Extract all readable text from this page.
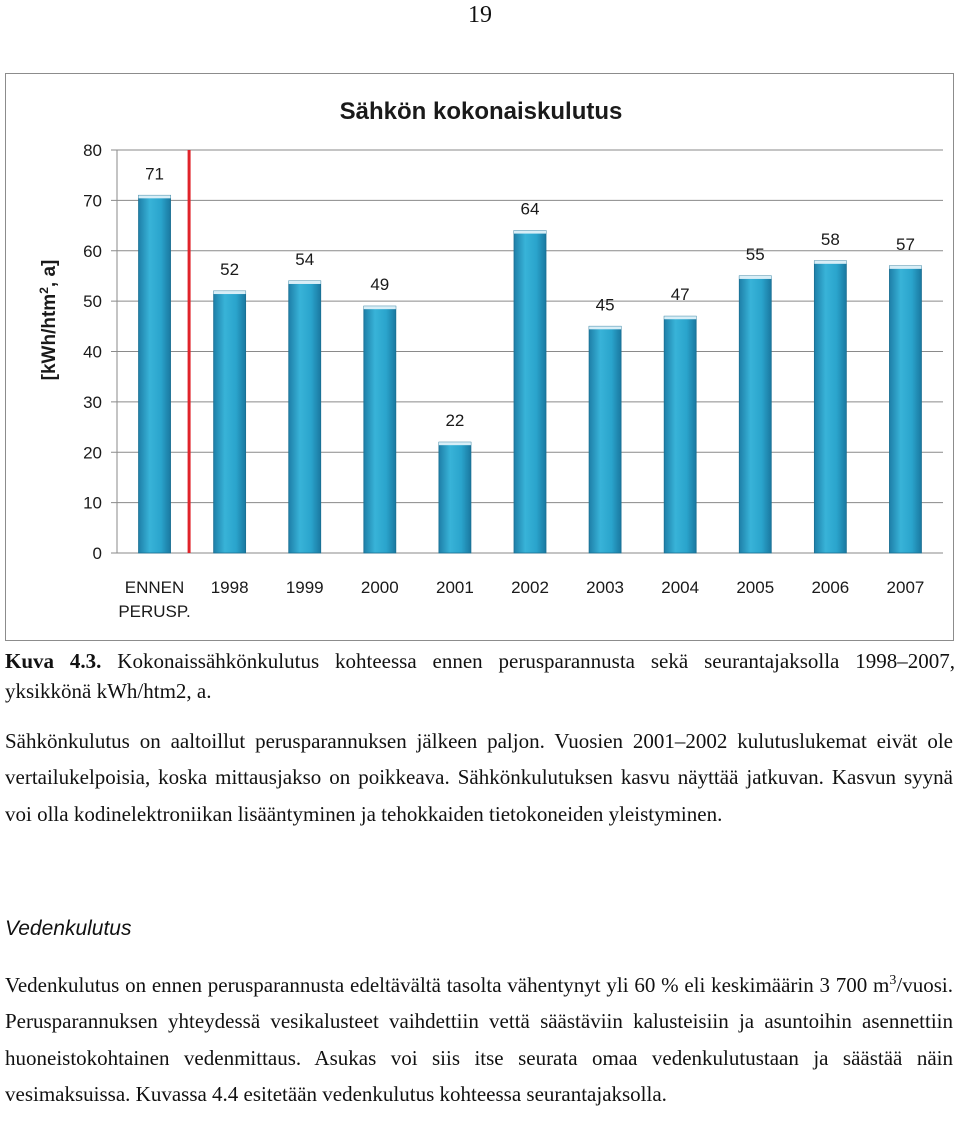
19
0
10
20
30
40
50
60
70
80
ENNEN
PERUSP.
1998 1999 2000 2001 2002 2003 2004 2005 2006 2007
71
52
54
49
22
64
45
47
55
58	57
Sähkön kokonaiskulutus
[kWh/htm$^2$, a]
Kuva 4.3. Kokonaissähkönkulutus kohteessa ennen perusparannusta sekä seurantajaksolla 1998–2007, yksikkönä kWh/htm2, a.

Sähkönkulutus on aaltoillut perusparannuksen jälkeen paljon. Vuosien 2001–2002 kulutuslukemat eivät ole vertailukelpoisia, koska mittausjakso on poikkeava. Sähkönkulutuksen kasvu näyttää jatkuvan. Kasvun syynä voi olla kodinelektroniikan lisääntyminen ja tehokkaiden tietokoneiden yleistyminen.

Vedenkulutus

Vedenkulutus on ennen perusparannusta edeltävältä tasolta vähentynyt yli 60 % eli keskimäärin 3 700 $m^3$/vuosi. Perusparannuksen yhteydessä vesikalusteet vaihdettiin vettä säästäviin kalusteisiin ja asuntoihin asennettiin huoneistokohtainen vedenmittaus. Asukas voi siis itse seurata omaa vedenkulutustaan ja säästää näin vesimaksuissa. Kuvassa 4.4 esitetään vedenkulutus kohteessa seurantajaksolla.
